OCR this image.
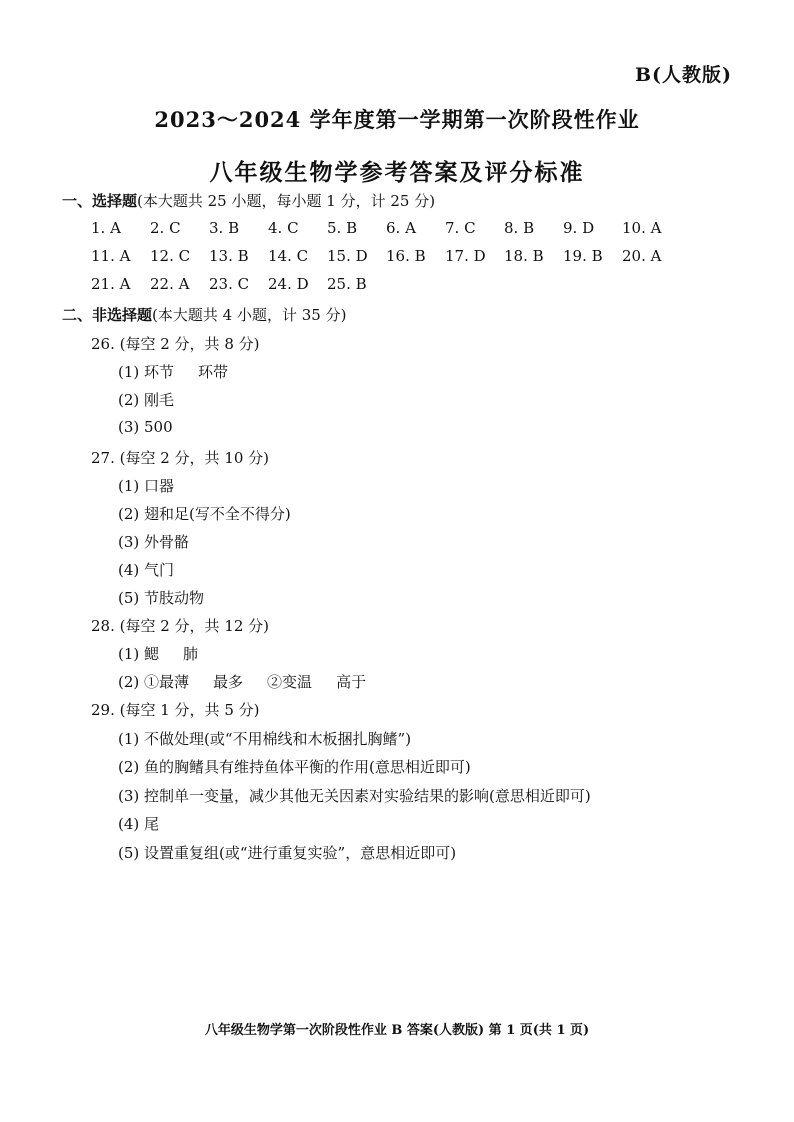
B(人教版)
2023～2024 学年度第一学期第一次阶段性作业
八年级生物学参考答案及评分标准
一、选择题(本大题共 25 小题，每小题 1 分，计 25 分)
1. A 2. C 3. B 4. C 5. B 6. A 7. C 8. B 9. D 10. A
11. A 12. C 13. B 14. C 15. D 16. B 17. D 18. B 19. B 20. A
21. A 22. A 23. C 24. D 25. B
二、非选择题(本大题共 4 小题，计 35 分)
26. (每空 2 分，共 8 分)
(1) 环节 环带
(2) 刚毛
(3) 500
27. (每空 2 分，共 10 分)
(1) 口器
(2) 翅和足(写不全不得分)
(3) 外骨骼
(4) 气门
(5) 节肢动物
28. (每空 2 分，共 12 分)
(1) 鳃 肺
(2) ①最薄 最多 ②变温 高于
29. (每空 1 分，共 5 分)
(1) 不做处理(或“不用棉线和木板捆扎胸鳍”)
(2) 鱼的胸鳍具有维持鱼体平衡的作用(意思相近即可)
(3) 控制单一变量，减少其他无关因素对实验结果的影响(意思相近即可)
(4) 尾
(5) 设置重复组(或“进行重复实验”，意思相近即可)
八年级生物学第一次阶段性作业 B 答案(人教版) 第 1 页(共 1 页)
